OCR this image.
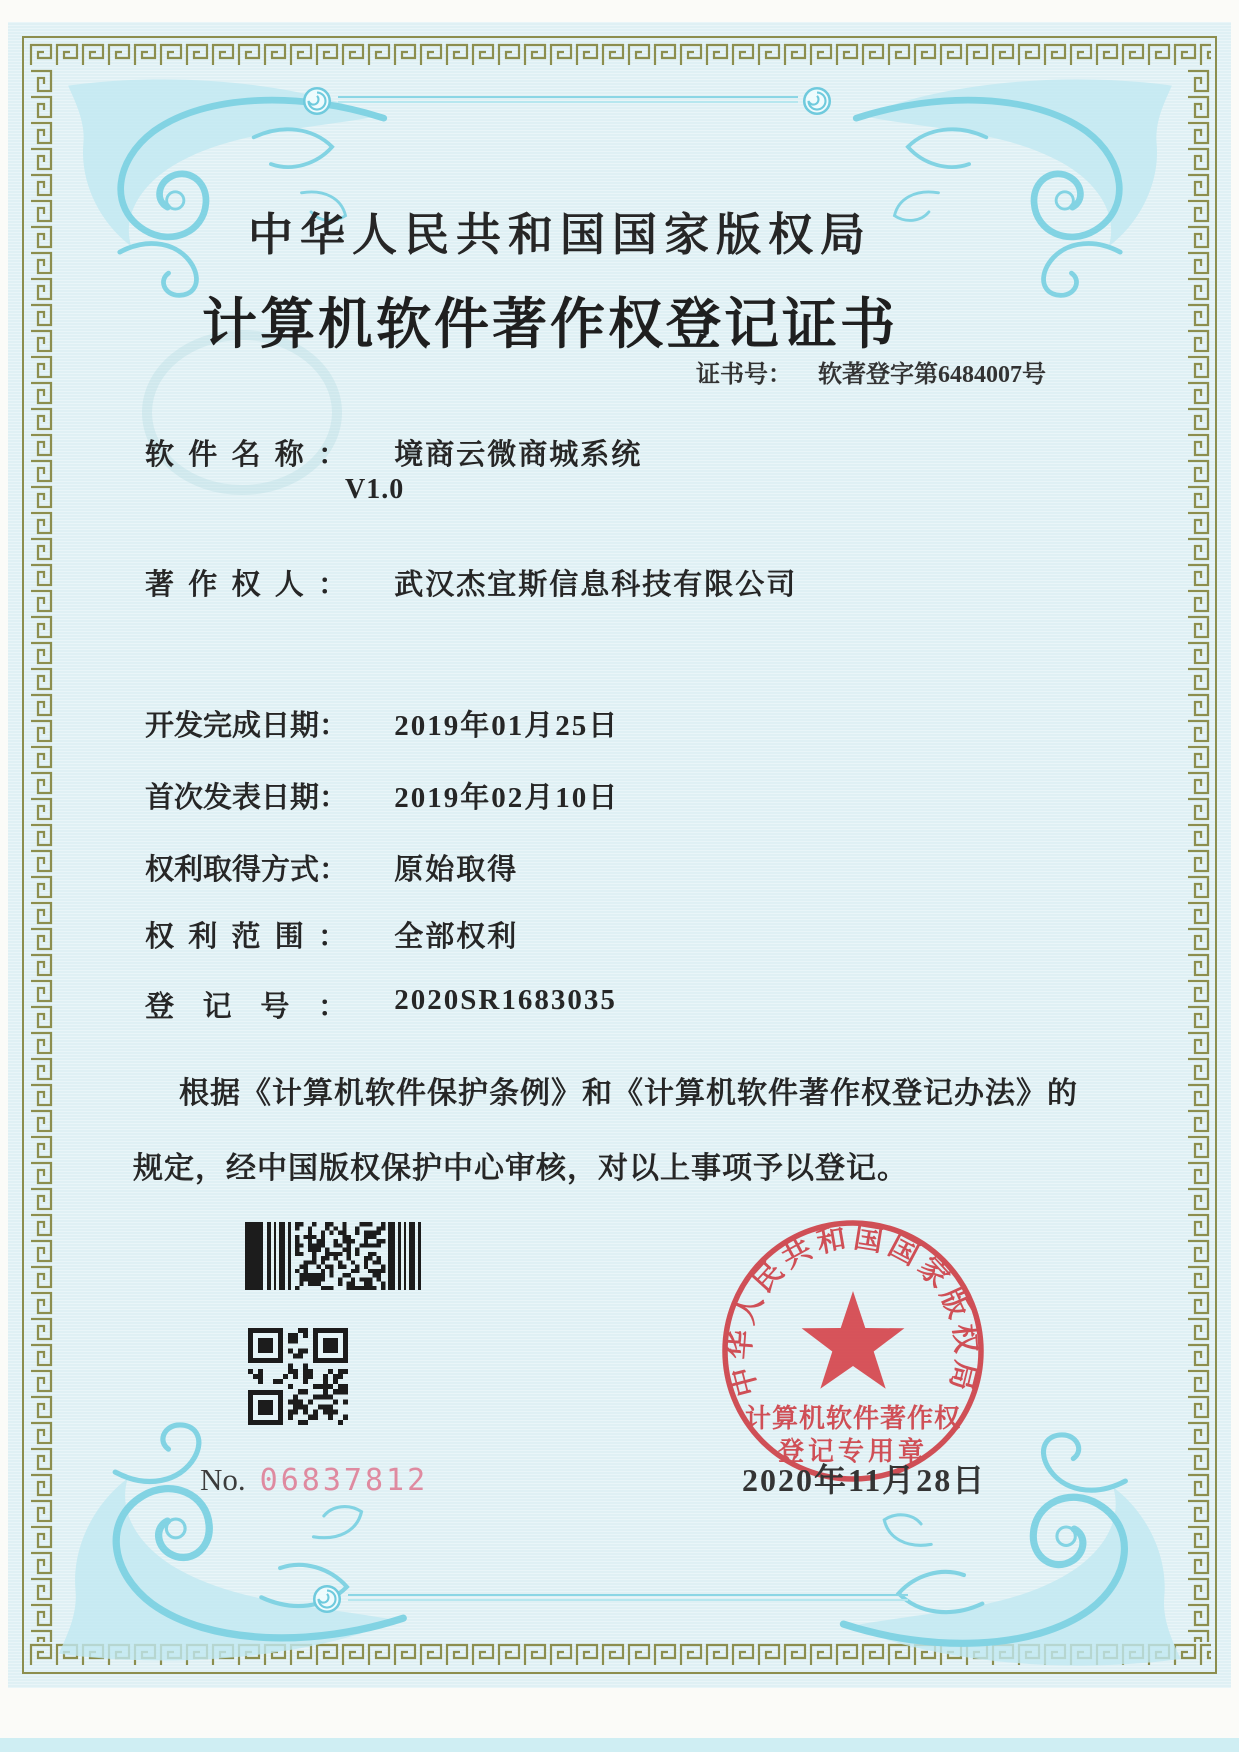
中华人民共和国国家版权局
计算机软件著作权登记证书
证书号： 软著登字第6484007号
软件名称： 境商云微商城系统
V1.0
著作权人： 武汉杰宜斯信息科技有限公司
开发完成日期： 2019年01月25日
首次发表日期： 2019年02月10日
权利取得方式： 原始取得
权利范围： 全部权利
登记号： 2020SR1683035
根据《计算机软件保护条例》和《计算机软件著作权登记办法》的
规定，经中国版权保护中心审核，对以上事项予以登记。
No. 06837812
中华人民共和国国家版权局
计算机软件著作权
登记专用章
2020年11月28日
